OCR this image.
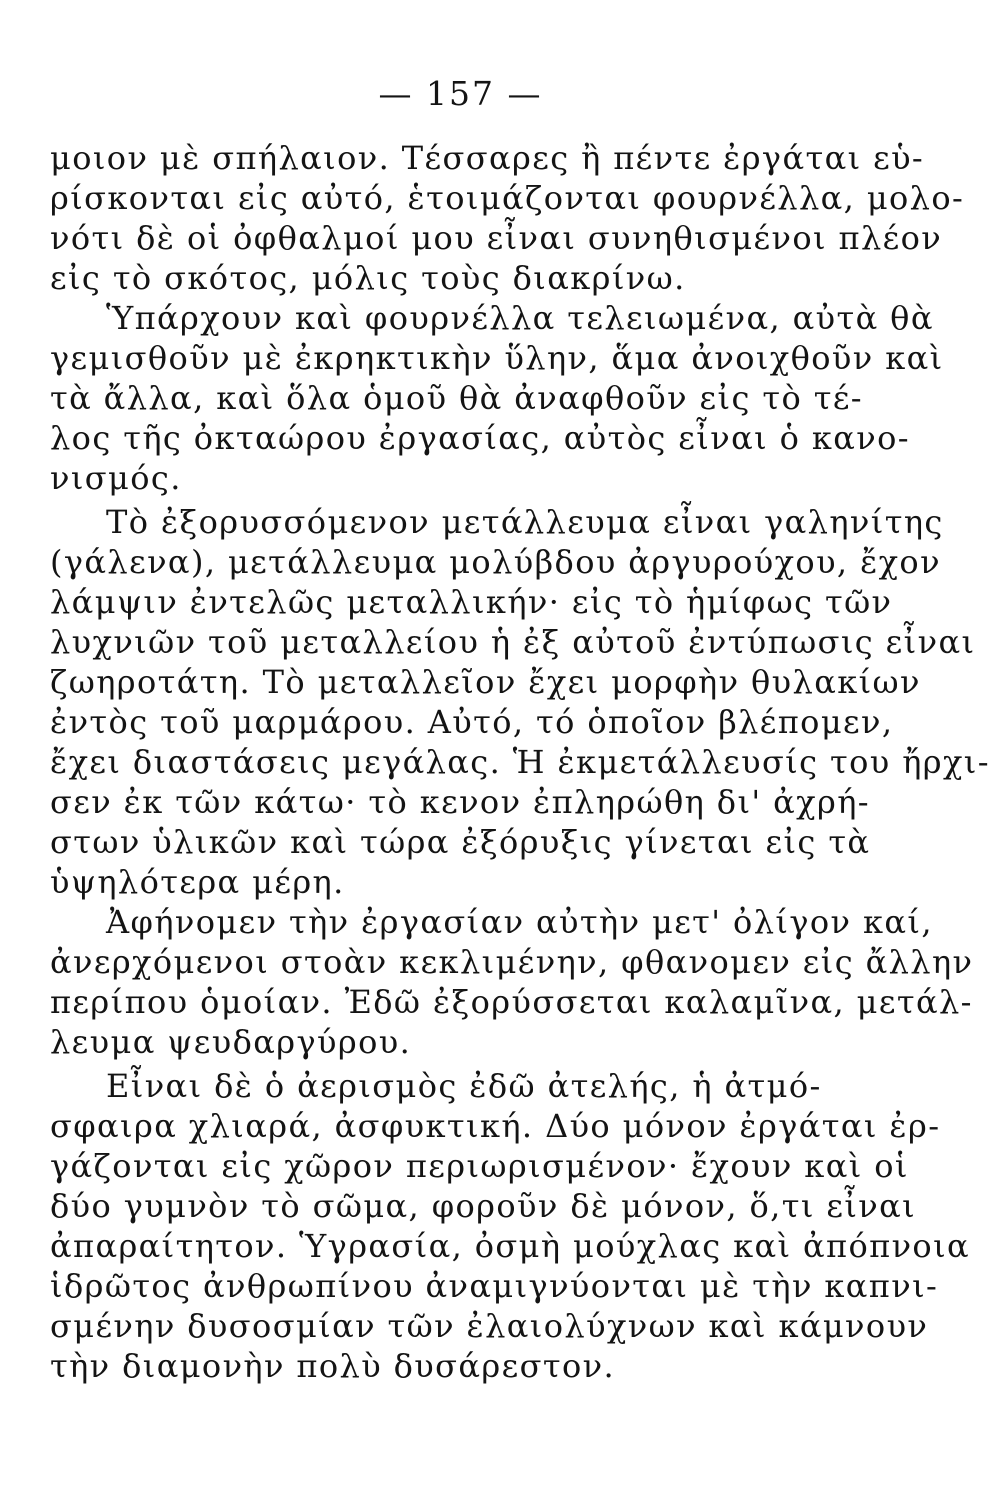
— 157 —
μοιον μὲ σπήλαιον. Τέσσαρες ἢ πέντε ἐργάται εὑ-
ρίσκονται εἰς αὐτό, ἑτοιμάζονται φουρνέλλα, μολο-
νότι δὲ οἱ ὀφθαλμοί μου εἶναι συνηθισμένοι πλέον
εἰς τὸ σκότος, μόλις τοὺς διακρίνω.
Ὑπάρχουν καὶ φουρνέλλα τελειωμένα, αὐτὰ θὰ
γεμισθοῦν μὲ ἐκρηκτικὴν ὕλην, ἅμα ἀνοιχθοῦν καὶ
τὰ ἄλλα, καὶ ὅλα ὁμοῦ θὰ ἀναφθοῦν εἰς τὸ τέ-
λος τῆς ὀκταώρου ἐργασίας, αὐτὸς εἶναι ὁ κανο-
νισμός.
Τὸ ἐξορυσσόμενον μετάλλευμα εἶναι γαληνίτης
(γάλενα), μετάλλευμα μολύβδου ἀργυρούχου, ἔχον
λάμψιν ἐντελῶς μεταλλικήν· εἰς τὸ ἡμίφως τῶν
λυχνιῶν τοῦ μεταλλείου ἡ ἐξ αὐτοῦ ἐντύπωσις εἶναι
ζωηροτάτη. Τὸ μεταλλεῖον ἔχει μορφὴν θυλακίων
ἐντὸς τοῦ μαρμάρου. Αὐτό, τό ὁποῖον βλέπομεν,
ἔχει διαστάσεις μεγάλας. Ἡ ἐκμετάλλευσίς του ἤρχι-
σεν ἐκ τῶν κάτω· τὸ κενον ἐπληρώθη δι' ἀχρή-
στων ὑλικῶν καὶ τώρα ἐξόρυξις γίνεται εἰς τὰ
ὑψηλότερα μέρη.
Ἀφήνομεν τὴν ἐργασίαν αὐτὴν μετ' ὀλίγον καί,
ἀνερχόμενοι στοὰν κεκλιμένην, φθανομεν εἰς ἄλλην
περίπου ὁμοίαν. Ἐδῶ ἐξορύσσεται καλαμῖνα, μετάλ-
λευμα ψευδαργύρου.
Εἶναι δὲ ὁ ἀερισμὸς ἐδῶ ἀτελής, ἡ ἀτμό-
σφαιρα χλιαρά, ἀσφυκτική. Δύο μόνον ἐργάται ἐρ-
γάζονται εἰς χῶρον περιωρισμένον· ἔχουν καὶ οἱ
δύο γυμνὸν τὸ σῶμα, φοροῦν δὲ μόνον, ὅ,τι εἶναι
ἀπαραίτητον. Ὑγρασία, ὀσμὴ μούχλας καὶ ἀπόπνοια
ἱδρῶτος ἀνθρωπίνου ἀναμιγνύονται μὲ τὴν καπνι-
σμένην δυσοσμίαν τῶν ἐλαιολύχνων καὶ κάμνουν
τὴν διαμονὴν πολὺ δυσάρεστον.
